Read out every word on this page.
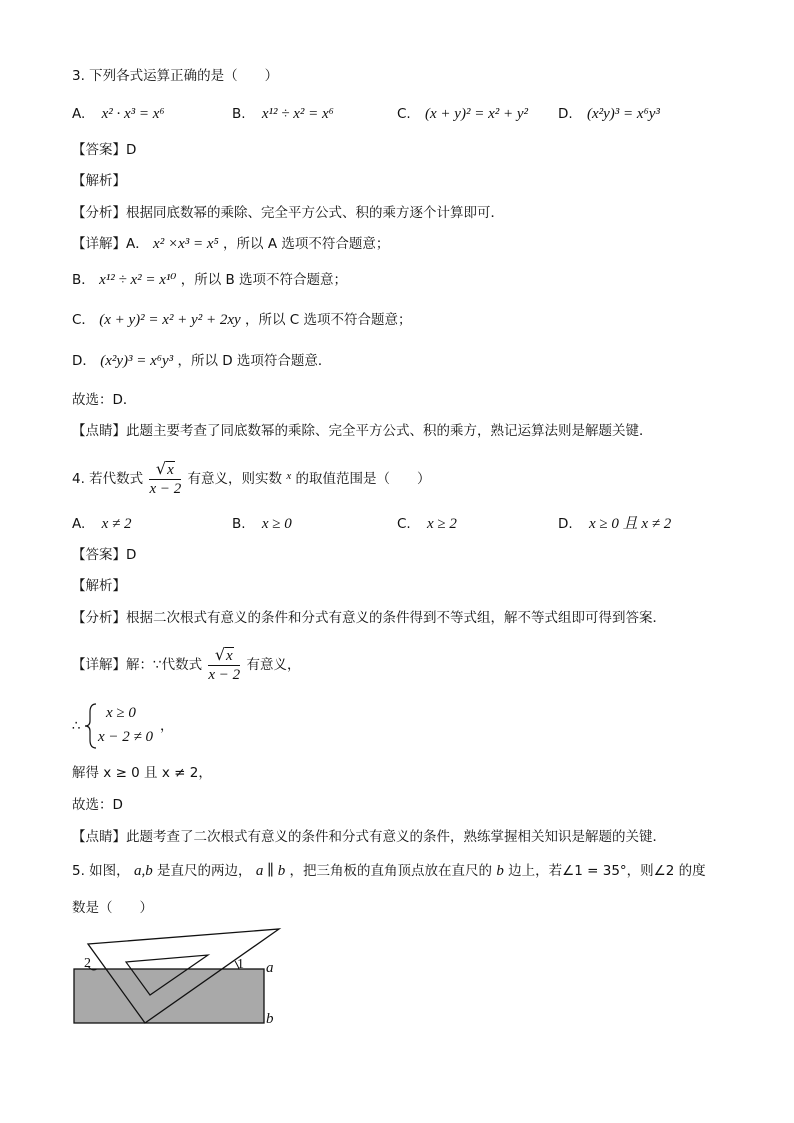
3. 下列各式运算正确的是（　　）
A. x² · x³ = x⁶	B. x¹² ÷ x² = x⁶	C. (x + y)² = x² + y² D. (x²y)³ = x⁶y³
【答案】D
【解析】
【分析】根据同底数幂的乘除、完全平方公式、积的乘方逐个计算即可．
【详解】A． x² ×x³ = x⁵ ，所以 A 选项不符合题意；
B． x¹² ÷ x² = x¹⁰ ，所以 B 选项不符合题意；
C． (x + y)² = x² + y² + 2xy ，所以 C 选项不符合题意；
D． (x²y)³ = x⁶y³ ，所以 D 选项符合题意．
故选：D．
【点睛】此题主要考查了同底数幂的乘除、完全平方公式、积的乘方，熟记运算法则是解题关键．
4. 若代数式 $\frac{√x}{x - 2}$ 有意义，则实数 $^x$ 的取值范围是（　　）
A. x ≠ 2	B. x ≥ 0	C. x ≥ 2	D. x ≥ 0 且 x ≠ 2
【答案】D
【解析】
【分析】根据二次根式有意义的条件和分式有意义的条件得到不等式组，解不等式组即可得到答案．
【详解】解：∵代数式 $\frac{√x}{x - 2}$ 有意义，
∴
x ≥ 0
x − 2 ≠ 0
，
解得 x ≥ 0 且 x ≠ 2，
故选：D
【点睛】此题考查了二次根式有意义的条件和分式有意义的条件，熟练掌握相关知识是解题的关键．
5. 如图， a,b 是直尺的两边， a ∥ b ，把三角板的直角顶点放在直尺的 b 边上，若∠1 = 35°，则∠2 的度
数是（　　）
2	1 a
b
